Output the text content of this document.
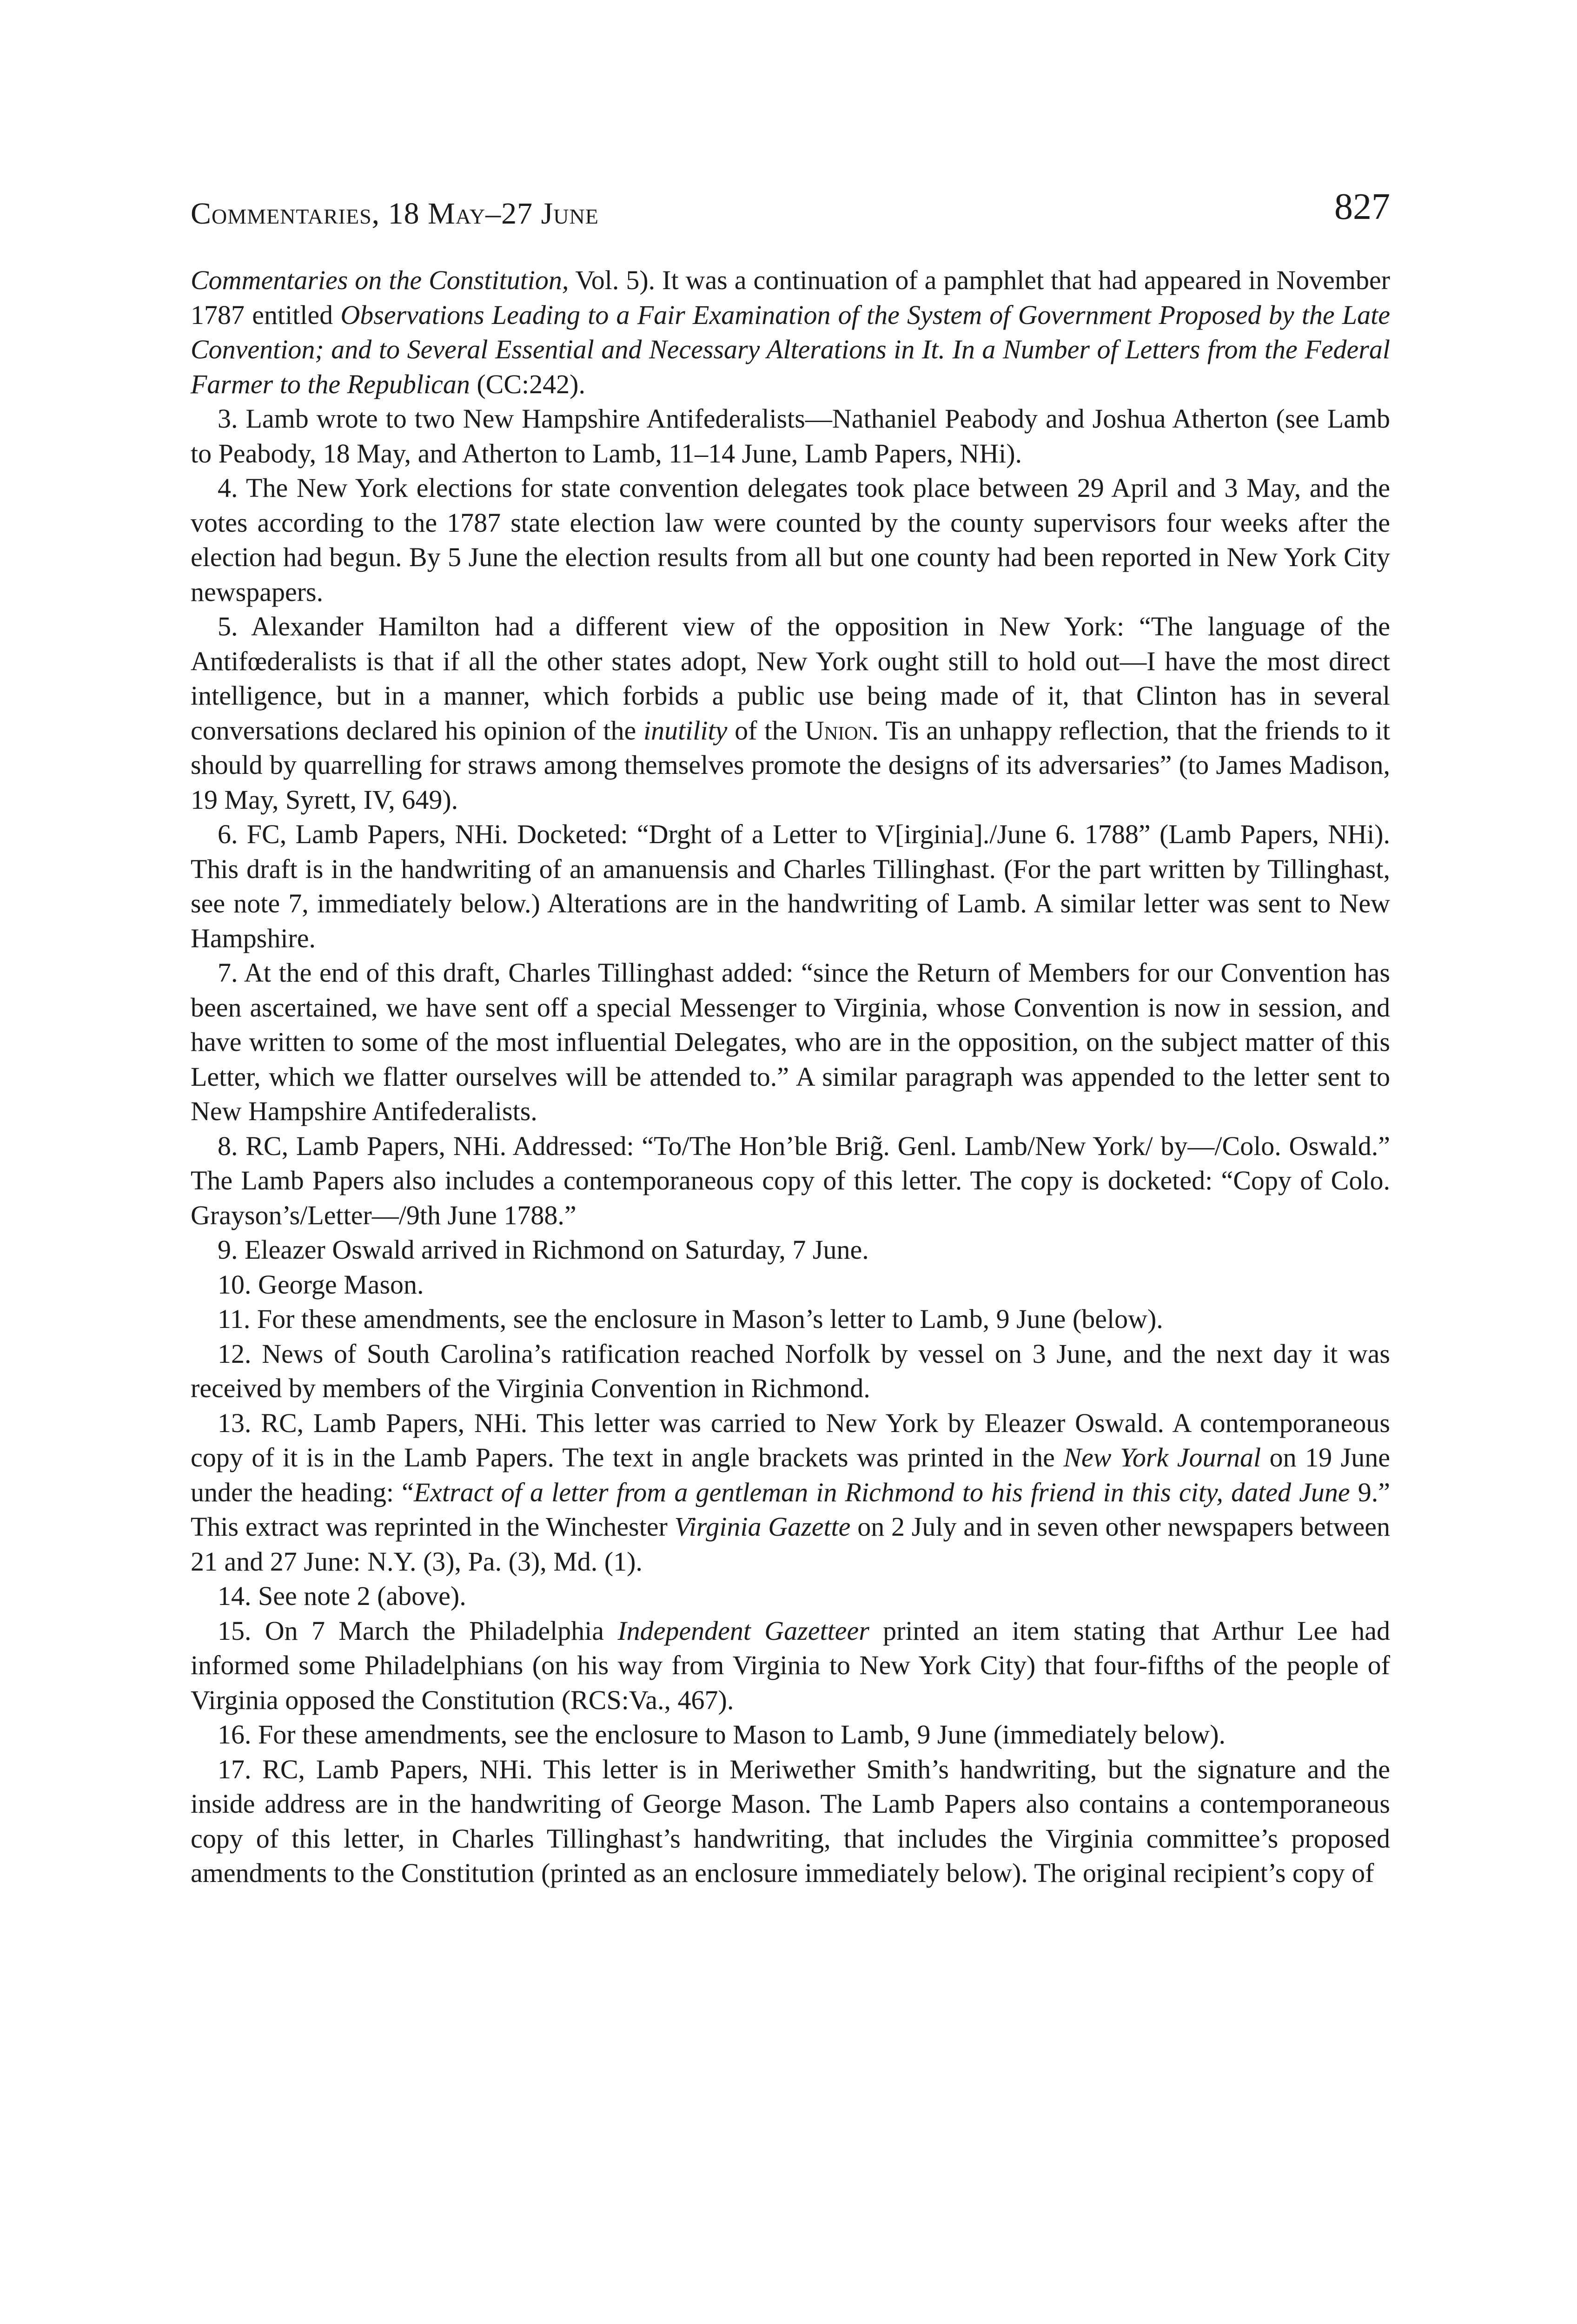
Commentaries, 18 May–27 June	827

Commentaries on the Constitution, Vol. 5). It was a continuation of a pamphlet that had appeared in November 1787 entitled Observations Leading to a Fair Examination of the System of Government Proposed by the Late Convention; and to Several Essential and Necessary Alterations in It. In a Number of Letters from the Federal Farmer to the Republican (CC:242).

3. Lamb wrote to two New Hampshire Antifederalists—Nathaniel Peabody and Joshua Atherton (see Lamb to Peabody, 18 May, and Atherton to Lamb, 11–14 June, Lamb Papers, NHi).

4. The New York elections for state convention delegates took place between 29 April and 3 May, and the votes according to the 1787 state election law were counted by the county supervisors four weeks after the election had begun. By 5 June the election results from all but one county had been reported in New York City newspapers.

5. Alexander Hamilton had a different view of the opposition in New York: “The language of the Antifœderalists is that if all the other states adopt, New York ought still to hold out—I have the most direct intelligence, but in a manner, which forbids a public use being made of it, that Clinton has in several conversations declared his opinion of the inutility of the Union. Tis an unhappy reflection, that the friends to it should by quarrelling for straws among themselves promote the designs of its adversaries” (to James Madison, 19 May, Syrett, IV, 649).

6. FC, Lamb Papers, NHi. Docketed: “Drght of a Letter to V[irginia]./June 6. 1788” (Lamb Papers, NHi). This draft is in the handwriting of an amanuensis and Charles Tillinghast. (For the part written by Tillinghast, see note 7, immediately below.) Alterations are in the handwriting of Lamb. A similar letter was sent to New Hampshire.

7. At the end of this draft, Charles Tillinghast added: “since the Return of Members for our Convention has been ascertained, we have sent off a special Messenger to Virginia, whose Convention is now in session, and have written to some of the most influential Delegates, who are in the opposition, on the subject matter of this Letter, which we flatter ourselves will be attended to.” A similar paragraph was appended to the letter sent to New Hampshire Antifederalists.

8. RC, Lamb Papers, NHi. Addressed: “To/The Hon’ble Brig̃. Genl. Lamb/New York/ by—/Colo. Oswald.” The Lamb Papers also includes a contemporaneous copy of this letter. The copy is docketed: “Copy of Colo. Grayson’s/Letter—/9th June 1788.”

9. Eleazer Oswald arrived in Richmond on Saturday, 7 June.

10. George Mason.

11. For these amendments, see the enclosure in Mason’s letter to Lamb, 9 June (below).

12. News of South Carolina’s ratification reached Norfolk by vessel on 3 June, and the next day it was received by members of the Virginia Convention in Richmond.

13. RC, Lamb Papers, NHi. This letter was carried to New York by Eleazer Oswald. A contemporaneous copy of it is in the Lamb Papers. The text in angle brackets was printed in the New York Journal on 19 June under the heading: “Extract of a letter from a gentleman in Richmond to his friend in this city, dated June 9.” This extract was reprinted in the Winchester Virginia Gazette on 2 July and in seven other newspapers between 21 and 27 June: N.Y. (3), Pa. (3), Md. (1).

14. See note 2 (above).

15. On 7 March the Philadelphia Independent Gazetteer printed an item stating that Arthur Lee had informed some Philadelphians (on his way from Virginia to New York City) that four-fifths of the people of Virginia opposed the Constitution (RCS:Va., 467).

16. For these amendments, see the enclosure to Mason to Lamb, 9 June (immediately below).

17. RC, Lamb Papers, NHi. This letter is in Meriwether Smith’s handwriting, but the signature and the inside address are in the handwriting of George Mason. The Lamb Papers also contains a contemporaneous copy of this letter, in Charles Tillinghast’s handwriting, that includes the Virginia committee’s proposed amendments to the Constitution (printed as an enclosure immediately below). The original recipient’s copy of
